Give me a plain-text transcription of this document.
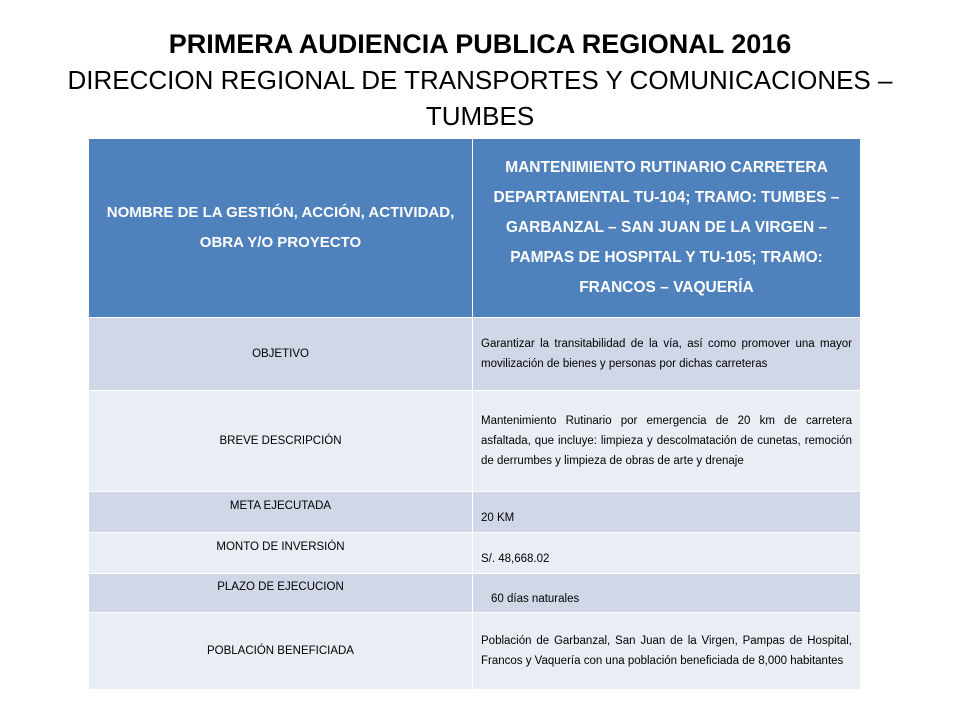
PRIMERA AUDIENCIA PUBLICA REGIONAL 2016

DIRECCION REGIONAL DE TRANSPORTES Y COMUNICACIONES – TUMBES

NOMBRE DE LA GESTIÓN, ACCIÓN, ACTIVIDAD, OBRA Y/O PROYECTO	MANTENIMIENTO RUTINARIO CARRETERA DEPARTAMENTAL TU-104; TRAMO: TUMBES – GARBANZAL – SAN JUAN DE LA VIRGEN –PAMPAS DE HOSPITAL Y TU-105; TRAMO: FRANCOS – VAQUERÍA
OBJETIVO	Garantizar la transitabilidad de la vía, así como promover una mayor movilización de bienes y personas por dichas carreteras
BREVE DESCRIPCIÓN	Mantenimiento Rutinario por emergencia de 20 km de carretera asfaltada, que incluye: limpieza y descolmatación de cunetas, remoción de derrumbes y limpieza de obras de arte y drenaje
META EJECUTADA	20 KM
MONTO DE INVERSIÓN	S/. 48,668.02
PLAZO DE EJECUCION	60 días naturales
POBLACIÓN BENEFICIADA	Población de Garbanzal, San Juan de la Virgen, Pampas de Hospital, Francos y Vaquería con una población beneficiada de 8,000 habitantes
